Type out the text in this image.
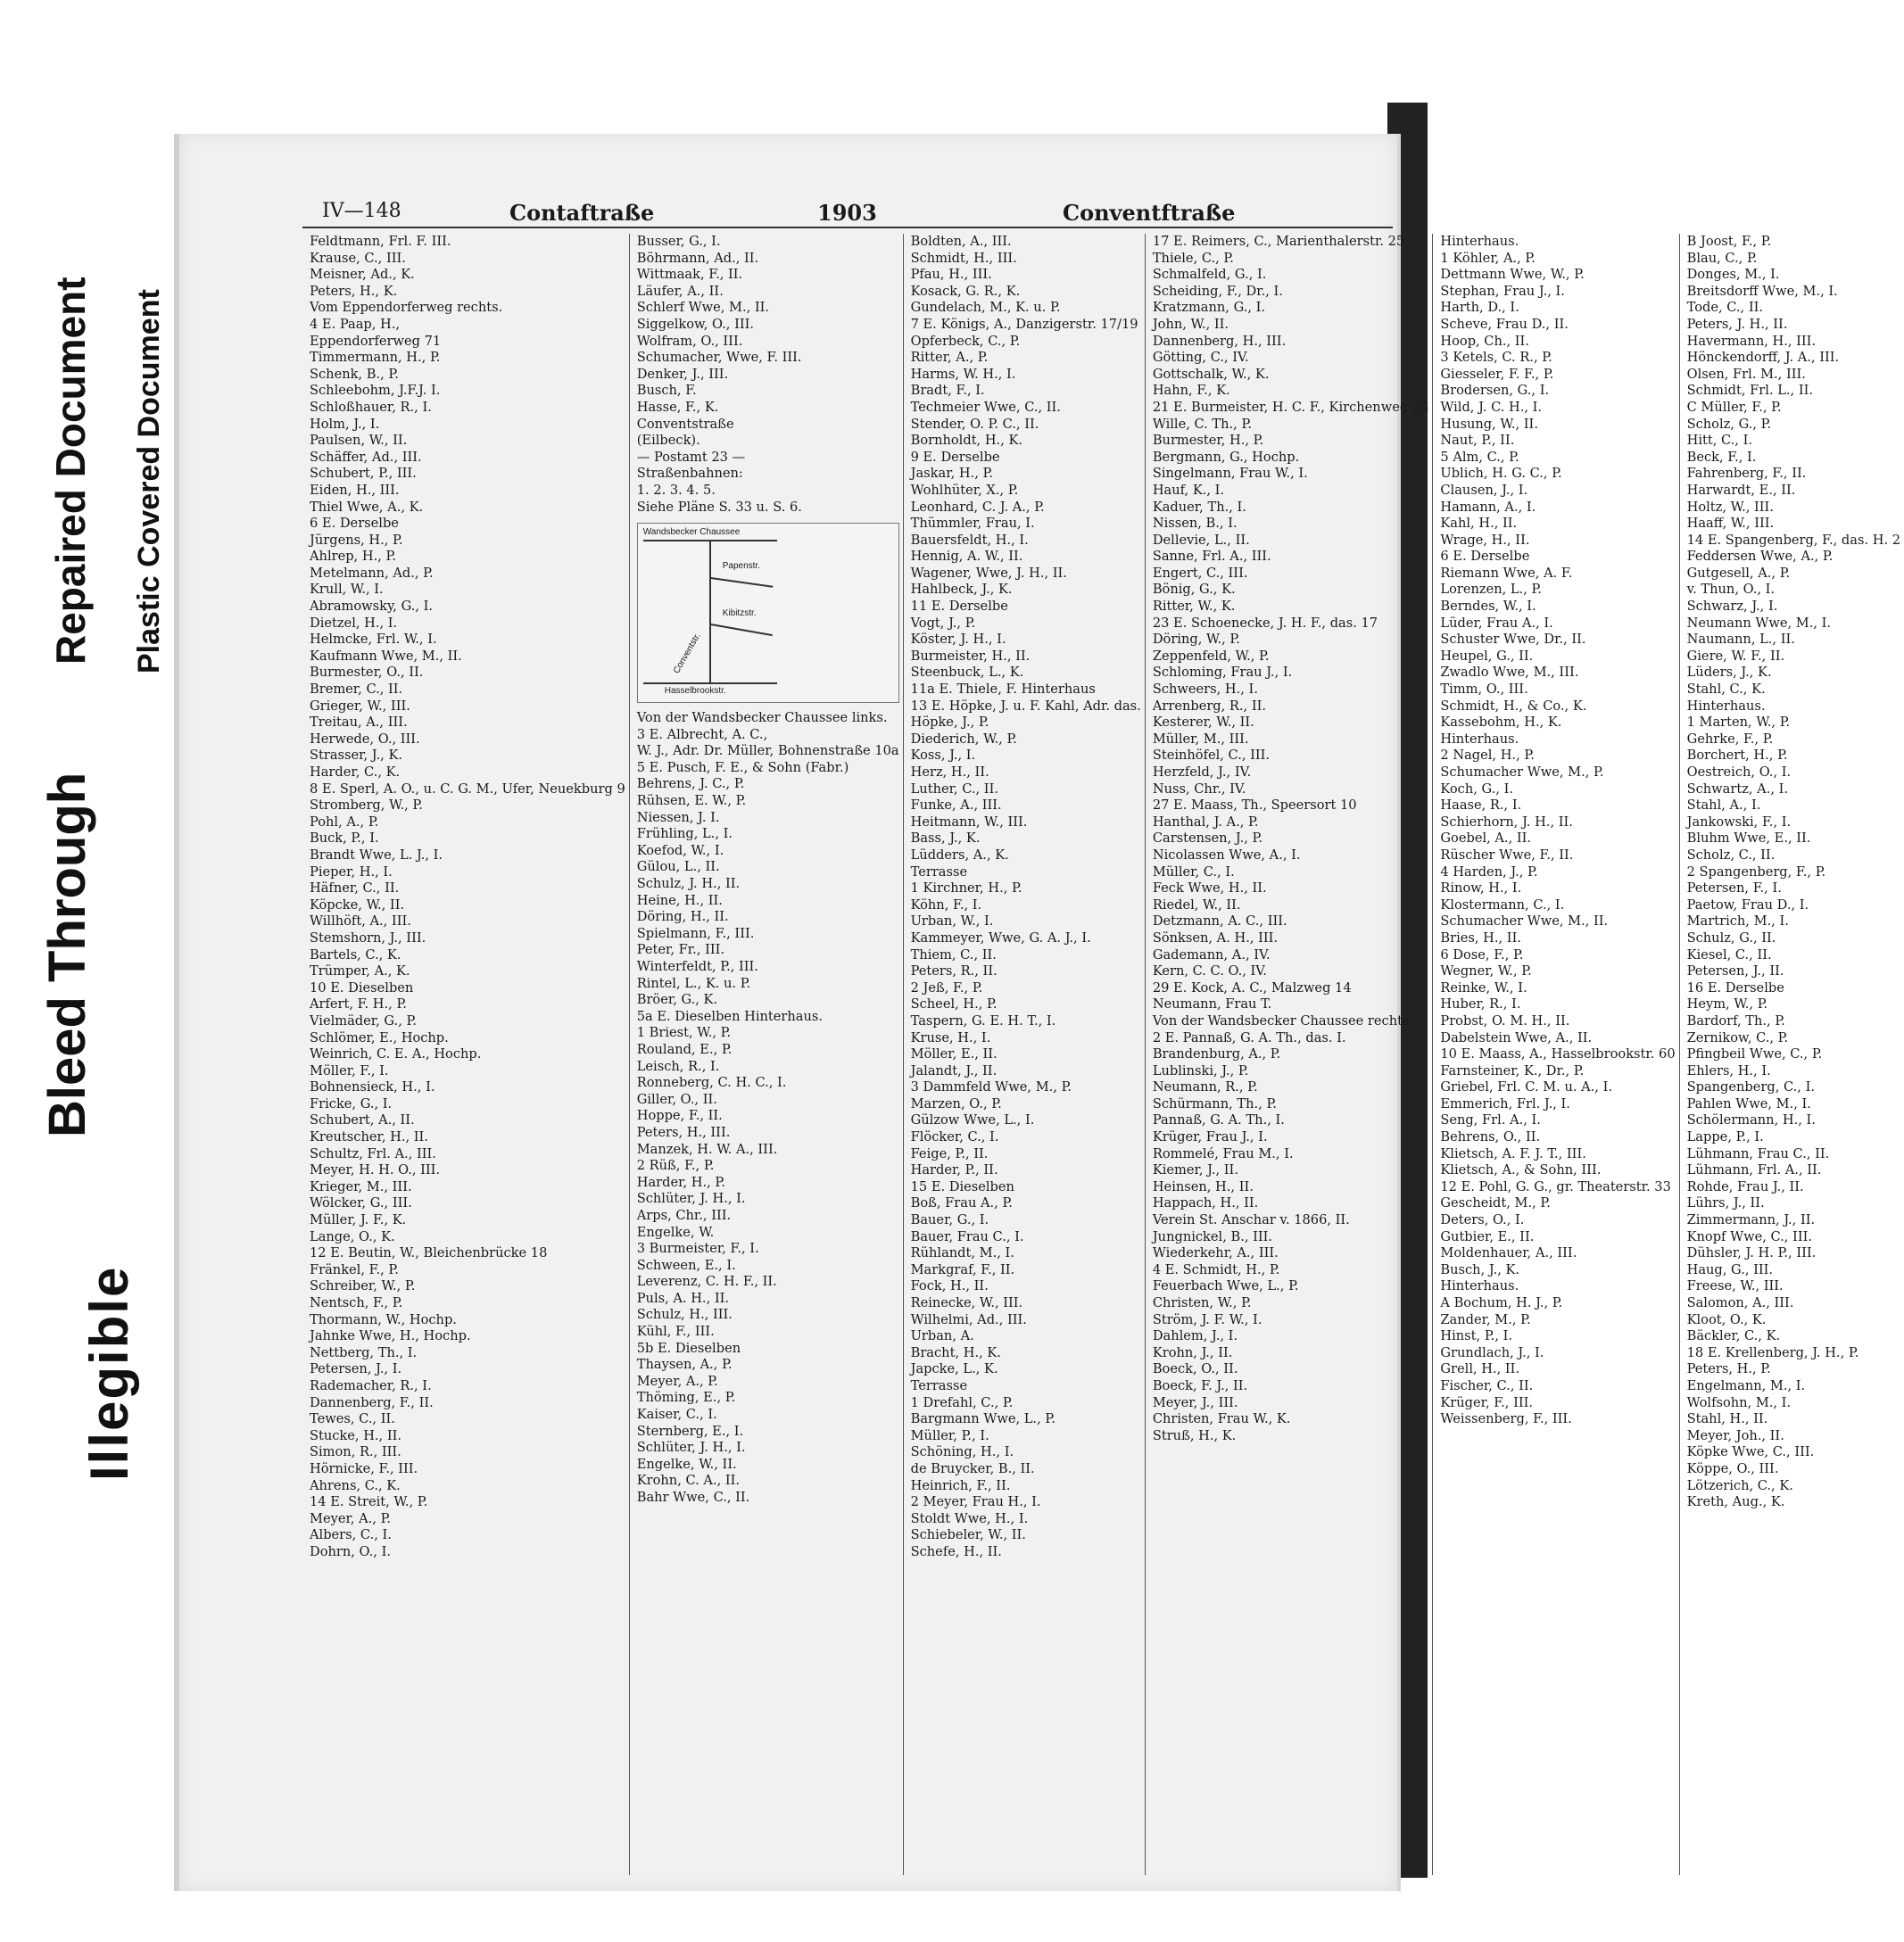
Repaired Document Plastic Covered Document
Bleed Through
Illegible
IV—148	Contaftraße	1903	Conventftraße
Feldtmann, Frl. F. III.
Krause, C., III.
Meisner, Ad., K.
Peters, H., K.
Vom Eppendorferweg rechts.
4 E. Paap, H.,
Eppendorferweg 71
Timmermann, H., P.
Schenk, B., P.
Schleebohm, J.F.J. I.
Schloßhauer, R., I.
Holm, J., I.
Paulsen, W., II.
Schäffer, Ad., III.
Schubert, P., III.
Eiden, H., III.
Thiel Wwe, A., K.
6 E. Derselbe
Jürgens, H., P.
Ahlrep, H., P.
Metelmann, Ad., P.
Krull, W., I.
Abramowsky, G., I.
Dietzel, H., I.
Helmcke, Frl. W., I.
Kaufmann Wwe, M., II.
Burmester, O., II.
Bremer, C., II.
Grieger, W., III.
Treitau, A., III.
Herwede, O., III.
Strasser, J., K.
Harder, C., K.
8 E. Sperl, A. O., u. C. G. M., Ufer, Neuekburg 9
Stromberg, W., P.
Pohl, A., P.
Buck, P., I.
Brandt Wwe, L. J., I.
Pieper, H., I.
Häfner, C., II.
Köpcke, W., II.
Willhöft, A., III.
Stemshorn, J., III.
Bartels, C., K.
Trümper, A., K.
10 E. Dieselben
Arfert, F. H., P.
Vielmäder, G., P.
Schlömer, E., Hochp.
Weinrich, C. E. A., Hochp.
Möller, F., I.
Bohnensieck, H., I.
Fricke, G., I.
Schubert, A., II.
Kreutscher, H., II.
Schultz, Frl. A., III.
Meyer, H. H. O., III.
Krieger, M., III.
Wölcker, G., III.
Müller, J. F., K.
Lange, O., K.
12 E. Beutin, W., Bleichenbrücke 18
Fränkel, F., P.
Schreiber, W., P.
Nentsch, F., P.
Thormann, W., Hochp.
Jahnke Wwe, H., Hochp.
Nettberg, Th., I.
Petersen, J., I.
Rademacher, R., I.
Dannenberg, F., II.
Tewes, C., II.
Stucke, H., II.
Simon, R., III.
Hörnicke, F., III.
Ahrens, C., K.
14 E. Streit, W., P.
Meyer, A., P.
Albers, C., I.
Dohrn, O., I.
Busser, G., I.
Böhrmann, Ad., II.
Wittmaak, F., II.
Läufer, A., II.
Schlerf Wwe, M., II.
Siggelkow, O., III.
Wolfram, O., III.
Schumacher, Wwe, F. III.
Denker, J., III.
Busch, F.
Hasse, F., K.
Conventstraße
(Eilbeck).
— Postamt 23 —
Straßenbahnen:
1. 2. 3. 4. 5.
Siehe Pläne S. 33 u. S. 6.
Wandsbecker Chaussee
Papenstr.
Kibitzstr.
Conventstr.
Hasselbrookstr.
Von der Wandsbecker Chaussee links.
3 E. Albrecht, A. C.,
W. J., Adr. Dr. Müller, Bohnenstraße 10a
5 E. Pusch, F. E., & Sohn (Fabr.)
Behrens, J. C., P.
Rühsen, E. W., P.
Niessen, J. I.
Frühling, L., I.
Koefod, W., I.
Gülou, L., II.
Schulz, J. H., II.
Heine, H., II.
Döring, H., II.
Spielmann, F., III.
Peter, Fr., III.
Winterfeldt, P., III.
Rintel, L., K. u. P.
Bröer, G., K.
5a E. Dieselben Hinterhaus.
1 Briest, W., P.
Rouland, E., P.
Leisch, R., I.
Ronneberg, C. H. C., I.
Giller, O., II.
Hoppe, F., II.
Peters, H., III.
Manzek, H. W. A., III.
2 Rüß, F., P.
Harder, H., P.
Schlüter, J. H., I.
Arps, Chr., III.
Engelke, W.
3 Burmeister, F., I.
Schween, E., I.
Leverenz, C. H. F., II.
Puls, A. H., II.
Schulz, H., III.
Kühl, F., III.
5b E. Dieselben
Thaysen, A., P.
Meyer, A., P.
Thöming, E., P.
Kaiser, C., I.
Sternberg, E., I.
Schlüter, J. H., I.
Engelke, W., II.
Krohn, C. A., II.
Bahr Wwe, C., II.
Boldten, A., III.
Schmidt, H., III.
Pfau, H., III.
Kosack, G. R., K.
Gundelach, M., K. u. P.
7 E. Königs, A., Danzigerstr. 17/19
Opferbeck, C., P.
Ritter, A., P.
Harms, W. H., I.
Bradt, F., I.
Techmeier Wwe, C., II.
Stender, O. P. C., II.
Bornholdt, H., K.
9 E. Derselbe
Jaskar, H., P.
Wohlhüter, X., P.
Leonhard, C. J. A., P.
Thümmler, Frau, I.
Bauersfeldt, H., I.
Hennig, A. W., II.
Wagener, Wwe, J. H., II.
Hahlbeck, J., K.
11 E. Derselbe
Vogt, J., P.
Köster, J. H., I.
Burmeister, H., II.
Steenbuck, L., K.
11a E. Thiele, F. Hinterhaus
13 E. Höpke, J. u. F. Kahl, Adr. das.
Höpke, J., P.
Diederich, W., P.
Koss, J., I.
Herz, H., II.
Luther, C., II.
Funke, A., III.
Heitmann, W., III.
Bass, J., K.
Lüdders, A., K.
Terrasse
1 Kirchner, H., P.
Köhn, F., I.
Urban, W., I.
Kammeyer, Wwe, G. A. J., I.
Thiem, C., II.
Peters, R., II.
2 Jeß, F., P.
Scheel, H., P.
Taspern, G. E. H. T., I.
Kruse, H., I.
Möller, E., II.
Jalandt, J., II.
3 Dammfeld Wwe, M., P.
Marzen, O., P.
Gülzow Wwe, L., I.
Flöcker, C., I.
Feige, P., II.
Harder, P., II.
15 E. Dieselben
Boß, Frau A., P.
Bauer, G., I.
Bauer, Frau C., I.
Rühlandt, M., I.
Markgraf, F., II.
Fock, H., II.
Reinecke, W., III.
Wilhelmi, Ad., III.
Urban, A.
Bracht, H., K.
Japcke, L., K.
Terrasse
1 Drefahl, C., P.
Bargmann Wwe, L., P.
Müller, P., I.
Schöning, H., I.
de Bruycker, B., II.
Heinrich, F., II.
2 Meyer, Frau H., I.
Stoldt Wwe, H., I.
Schiebeler, W., II.
Schefe, H., II.
17 E. Reimers, C., Marienthalerstr. 25
Thiele, C., P.
Schmalfeld, G., I.
Scheiding, F., Dr., I.
Kratzmann, G., I.
John, W., II.
Dannenberg, H., III.
Götting, C., IV.
Gottschalk, W., K.
Hahn, F., K.
21 E. Burmeister, H. C. F., Kirchenweg 24
Wille, C. Th., P.
Burmester, H., P.
Bergmann, G., Hochp.
Singelmann, Frau W., I.
Hauf, K., I.
Kaduer, Th., I.
Nissen, B., I.
Dellevie, L., II.
Sanne, Frl. A., III.
Engert, C., III.
Bönig, G., K.
Ritter, W., K.
23 E. Schoenecke, J. H. F., das. 17
Döring, W., P.
Zeppenfeld, W., P.
Schloming, Frau J., I.
Schweers, H., I.
Arrenberg, R., II.
Kesterer, W., II.
Müller, M., III.
Steinhöfel, C., III.
Herzfeld, J., IV.
Nuss, Chr., IV.
27 E. Maass, Th., Speersort 10
Hanthal, J. A., P.
Carstensen, J., P.
Nicolassen Wwe, A., I.
Müller, C., I.
Feck Wwe, H., II.
Riedel, W., II.
Detzmann, A. C., III.
Sönksen, A. H., III.
Gademann, A., IV.
Kern, C. C. O., IV.
29 E. Kock, A. C., Malzweg 14
Neumann, Frau T.
Von der Wandsbecker Chaussee rechts.
2 E. Pannaß, G. A. Th., das. I.
Brandenburg, A., P.
Lublinski, J., P.
Neumann, R., P.
Schürmann, Th., P.
Pannaß, G. A. Th., I.
Krüger, Frau J., I.
Rommelé, Frau M., I.
Kiemer, J., II.
Heinsen, H., II.
Happach, H., II.
Verein St. Anschar v. 1866, II.
Jungnickel, B., III.
Wiederkehr, A., III.
4 E. Schmidt, H., P.
Feuerbach Wwe, L., P.
Christen, W., P.
Ström, J. F. W., I.
Dahlem, J., I.
Krohn, J., II.
Boeck, O., II.
Boeck, F. J., II.
Meyer, J., III.
Christen, Frau W., K.
Struß, H., K.
Hinterhaus.
1 Köhler, A., P.
Dettmann Wwe, W., P.
Stephan, Frau J., I.
Harth, D., I.
Scheve, Frau D., II.
Hoop, Ch., II.
3 Ketels, C. R., P.
Giesseler, F. F., P.
Brodersen, G., I.
Wild, J. C. H., I.
Husung, W., II.
Naut, P., II.
5 Alm, C., P.
Ublich, H. G. C., P.
Clausen, J., I.
Hamann, A., I.
Kahl, H., II.
Wrage, H., II.
6 E. Derselbe
Riemann Wwe, A. F.
Lorenzen, L., P.
Berndes, W., I.
Lüder, Frau A., I.
Schuster Wwe, Dr., II.
Heupel, G., II.
Zwadlo Wwe, M., III.
Timm, O., III.
Schmidt, H., & Co., K.
Kassebohm, H., K.
Hinterhaus.
2 Nagel, H., P.
Schumacher Wwe, M., P.
Koch, G., I.
Haase, R., I.
Schierhorn, J. H., II.
Goebel, A., II.
Rüscher Wwe, F., II.
4 Harden, J., P.
Rinow, H., I.
Klostermann, C., I.
Schumacher Wwe, M., II.
Bries, H., II.
6 Dose, F., P.
Wegner, W., P.
Reinke, W., I.
Huber, R., I.
Probst, O. M. H., II.
Dabelstein Wwe, A., II.
10 E. Maass, A., Hasselbrookstr. 60
Farnsteiner, K., Dr., P.
Griebel, Frl. C. M. u. A., I.
Emmerich, Frl. J., I.
Seng, Frl. A., I.
Behrens, O., II.
Klietsch, A. F. J. T., III.
Klietsch, A., & Sohn, III.
12 E. Pohl, G. G., gr. Theaterstr. 33
Gescheidt, M., P.
Deters, O., I.
Gutbier, E., II.
Moldenhauer, A., III.
Busch, J., K.
Hinterhaus.
A Bochum, H. J., P.
Zander, M., P.
Hinst, P., I.
Grundlach, J., I.
Grell, H., II.
Fischer, C., II.
Krüger, F., III.
Weissenberg, F., III.
B Joost, F., P.
Blau, C., P.
Donges, M., I.
Breitsdorff Wwe, M., I.
Tode, C., II.
Peters, J. H., II.
Havermann, H., III.
Hönckendorff, J. A., III.
Olsen, Frl. M., III.
Schmidt, Frl. L., II.
C Müller, F., P.
Scholz, G., P.
Hitt, C., I.
Beck, F., I.
Fahrenberg, F., II.
Harwardt, E., II.
Holtz, W., III.
Haaff, W., III.
14 E. Spangenberg, F., das. H. 2
Feddersen Wwe, A., P.
Gutgesell, A., P.
v. Thun, O., I.
Schwarz, J., I.
Neumann Wwe, M., I.
Naumann, L., II.
Giere, W. F., II.
Lüders, J., K.
Stahl, C., K.
Hinterhaus.
1 Marten, W., P.
Gehrke, F., P.
Borchert, H., P.
Oestreich, O., I.
Schwartz, A., I.
Stahl, A., I.
Jankowski, F., I.
Bluhm Wwe, E., II.
Scholz, C., II.
2 Spangenberg, F., P.
Petersen, F., I.
Paetow, Frau D., I.
Martrich, M., I.
Schulz, G., II.
Kiesel, C., II.
Petersen, J., II.
16 E. Derselbe
Heym, W., P.
Bardorf, Th., P.
Zernikow, C., P.
Pfingbeil Wwe, C., P.
Ehlers, H., I.
Spangenberg, C., I.
Pahlen Wwe, M., I.
Schölermann, H., I.
Lappe, P., I.
Lühmann, Frau C., II.
Lühmann, Frl. A., II.
Rohde, Frau J., II.
Lührs, J., II.
Zimmermann, J., II.
Knopf Wwe, C., III.
Dühsler, J. H. P., III.
Haug, G., III.
Freese, W., III.
Salomon, A., III.
Kloot, O., K.
Bäckler, C., K.
18 E. Krellenberg, J. H., P.
Peters, H., P.
Engelmann, M., I.
Wolfsohn, M., I.
Stahl, H., II.
Meyer, Joh., II.
Köpke Wwe, C., III.
Köppe, O., III.
Lötzerich, C., K.
Kreth, Aug., K.
